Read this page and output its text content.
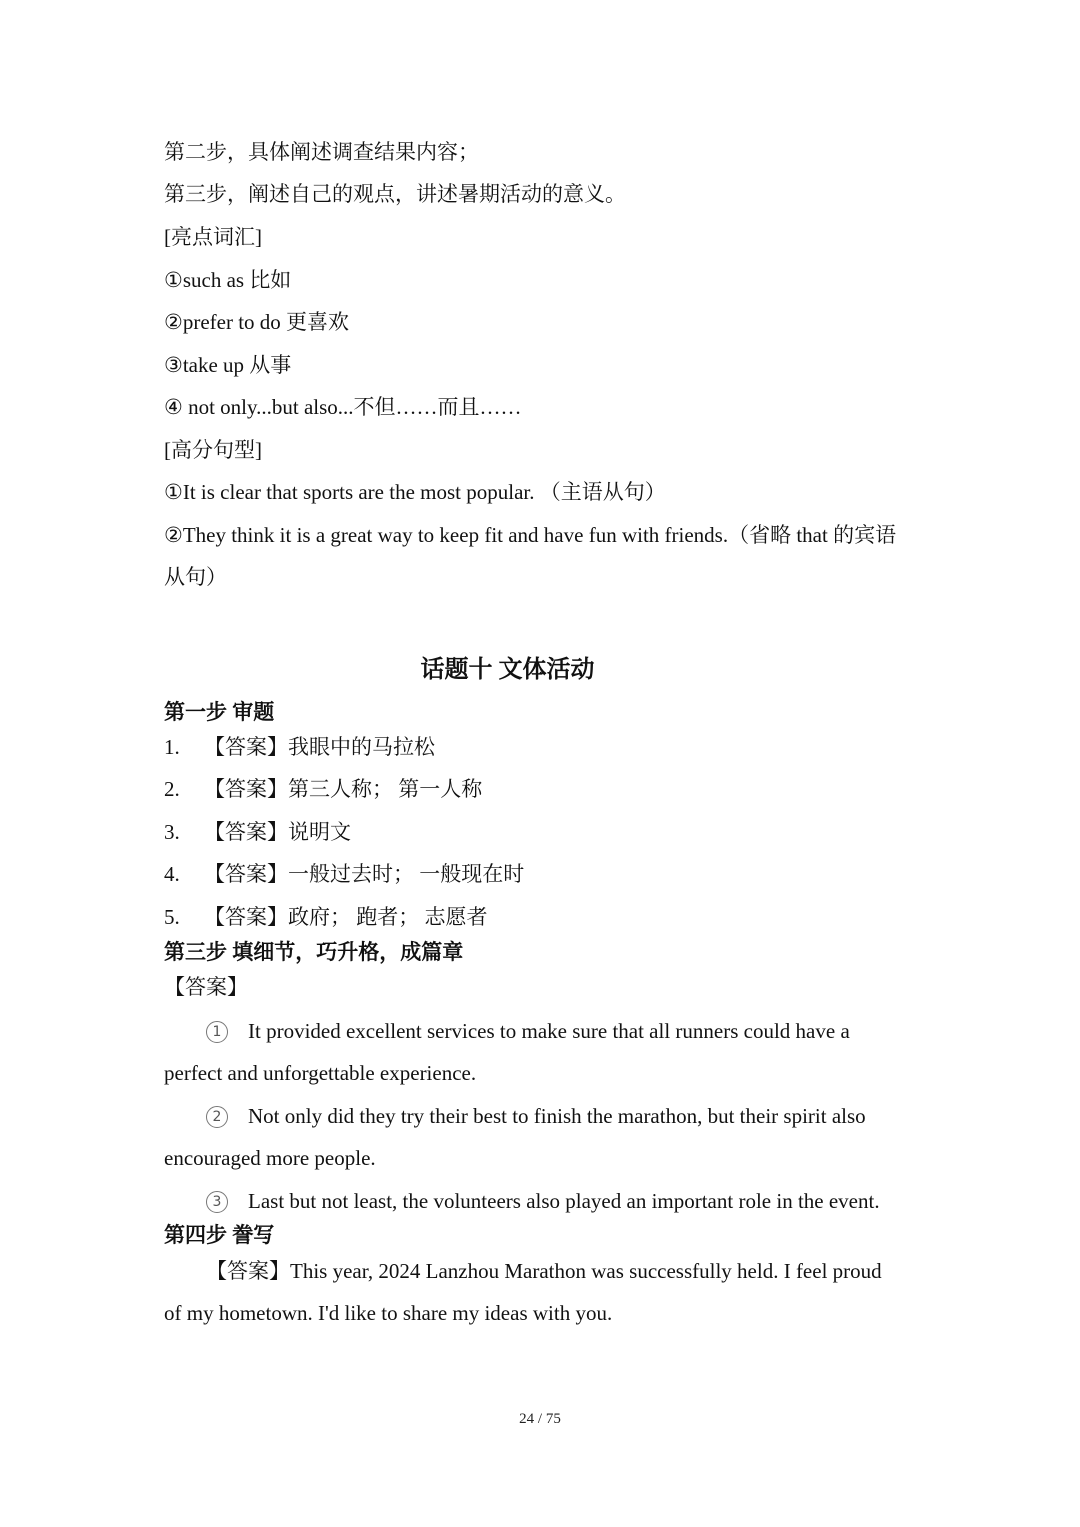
第二步，具体阐述调查结果内容；
第三步，阐述自己的观点，讲述暑期活动的意义。
[亮点词汇]
①such as 比如
②prefer to do 更喜欢
③take up 从事
④ not only...but also...不但……而且……
[高分句型]
①It is clear that sports are the most popular. （主语从句）
②They think it is a great way to keep fit and have fun with friends.（省略 that 的宾语
从句）
话题十 文体活动
第一步 审题
1. 【答案】我眼中的马拉松
2. 【答案】第三人称； 第一人称
3. 【答案】说明文
4. 【答案】一般过去时； 一般现在时
5. 【答案】政府； 跑者； 志愿者
第三步 填细节，巧升格，成篇章
【答案】
1 It provided excellent services to make sure that all runners could have a
perfect and unforgettable experience.
2 Not only did they try their best to finish the marathon, but their spirit also
encouraged more people.
3 Last but not least, the volunteers also played an important role in the event.
第四步 誊写
【答案】This year, 2024 Lanzhou Marathon was successfully held. I feel proud
of my hometown. I'd like to share my ideas with you.
24 / 75
